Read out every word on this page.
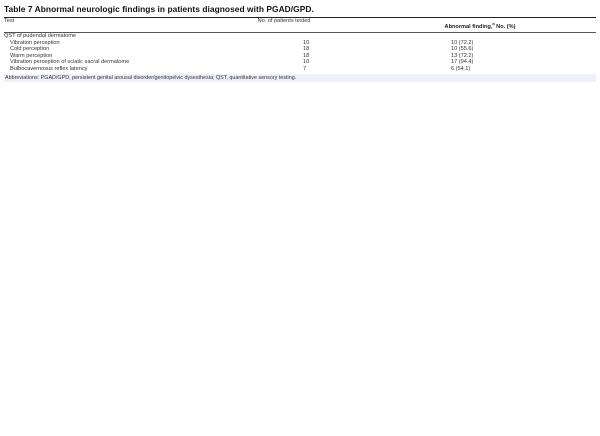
Table 7 Abnormal neurologic findings in patients diagnosed with PGAD/GPD.
Test	No. of patients tested	Abnormal finding,$^a$ No. (%)
QST of pudendal dermatome		
Vibration perception	10	10 (72.2)
Cold perception	18	10 (55.6)
Warm perception	18	13 (72.2)
Vibration perception of sciatic sacral dermatome	10	17 (94.4)
Bulbocavernosus reflex latency	7	6 (54.1)
Abbreviations: PGAD/GPD, persistent genital arousal disorder/genitopelvic dysesthesia; QST, quantitative sensory testing.
